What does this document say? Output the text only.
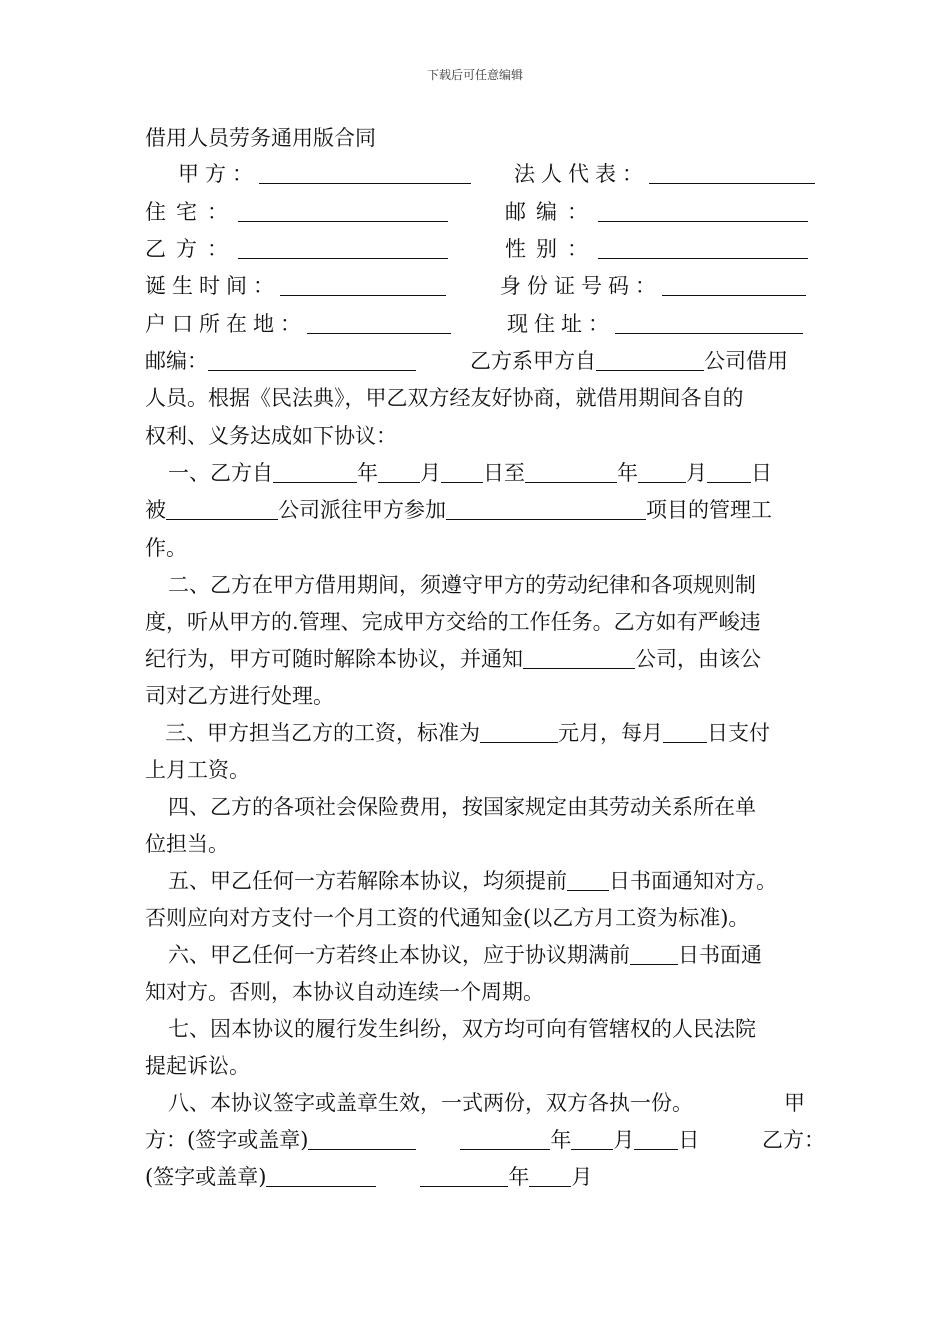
下载后可任意编辑
借用人员劳务通用版合同
甲方：	法人代表：
住宅：	邮编：
乙方：	性别：
诞生时间：	身份证号码：
户口所在地：	现住址：
邮编：	乙方系甲方自	公司借用
人员。根据《民法典》，甲乙双方经友好协商，就借用期间各自的
权利、义务达成如下协议：
一、乙方自	年 月 日至	年 月 日
被	公司派往甲方参加	项目的管理工
作。
二、乙方在甲方借用期间，须遵守甲方的劳动纪律和各项规则制
度，听从甲方的.管理、完成甲方交给的工作任务。乙方如有严峻违
纪行为，甲方可随时解除本协议，并通知	公司，由该公
司对乙方进行处理。
三、甲方担当乙方的工资，标准为	元月，每月 日支付
上月工资。
四、乙方的各项社会保险费用，按国家规定由其劳动关系所在单
位担当。
五、甲乙任何一方若解除本协议，均须提前 日书面通知对方。
否则应向对方支付一个月工资的代通知金(以乙方月工资为标准)。
六、甲乙任何一方若终止本协议，应于协议期满前 日书面通
知对方。否则，本协议自动连续一个周期。
七、因本协议的履行发生纠纷，双方均可向有管辖权的人民法院
提起诉讼。
八、本协议签字或盖章生效，一式两份，双方各执一份。	甲
方：(签字或盖章)	年 月 日	乙方：
(签字或盖章)	年 月
